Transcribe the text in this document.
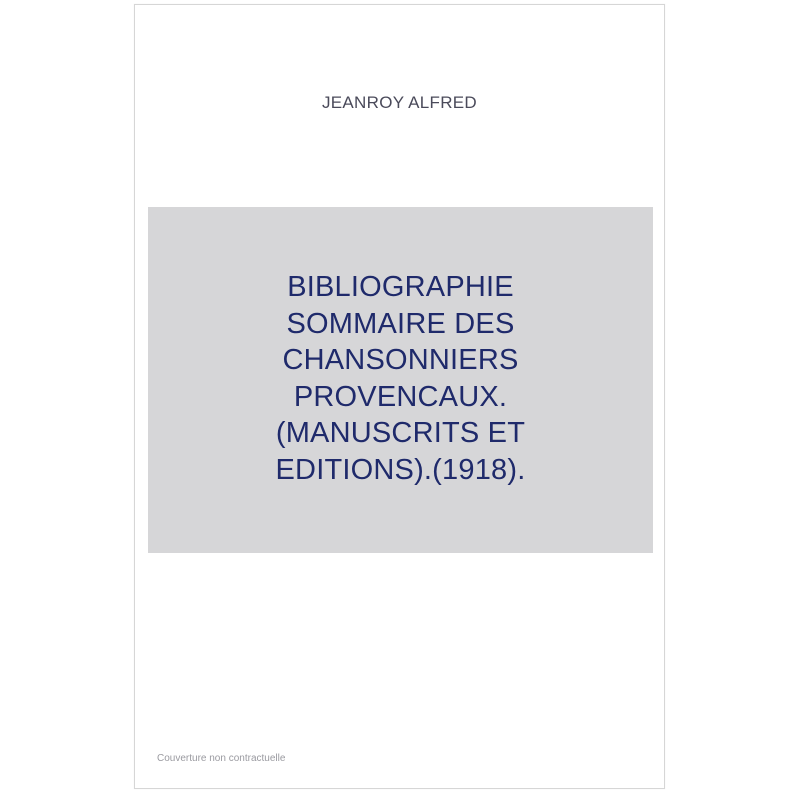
JEANROY ALFRED
BIBLIOGRAPHIE
SOMMAIRE DES
CHANSONNIERS
PROVENCAUX.
(MANUSCRITS ET
EDITIONS).(1918).
Couverture non contractuelle
